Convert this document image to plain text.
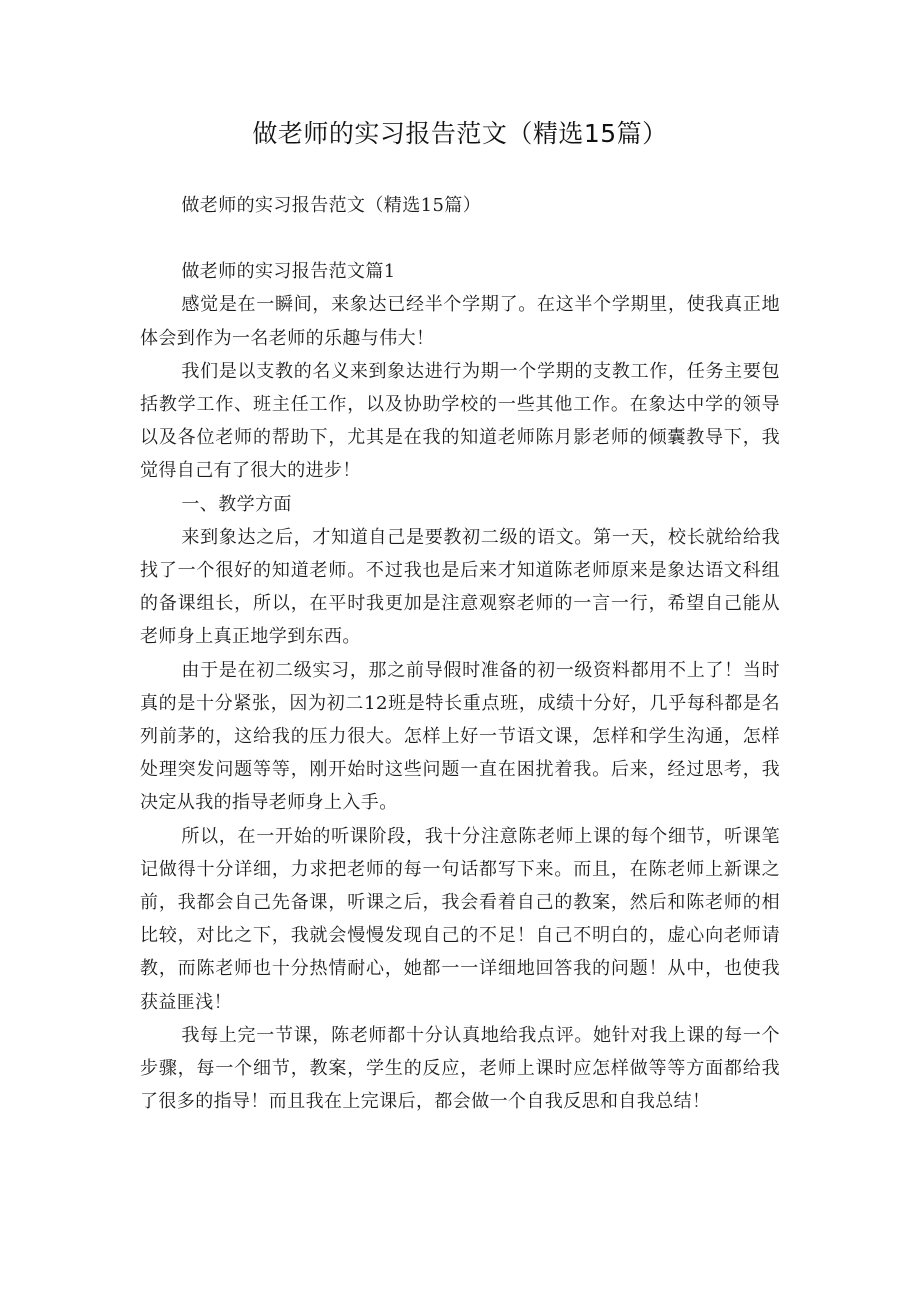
做老师的实习报告范文（精选15篇）

做老师的实习报告范文（精选15篇）

做老师的实习报告范文篇1

感觉是在一瞬间，来象达已经半个学期了。在这半个学期里，使我真正地体会到作为一名老师的乐趣与伟大！

我们是以支教的名义来到象达进行为期一个学期的支教工作，任务主要包括教学工作、班主任工作，以及协助学校的一些其他工作。在象达中学的领导以及各位老师的帮助下，尤其是在我的知道老师陈月影老师的倾囊教导下，我觉得自己有了很大的进步！

一、教学方面

来到象达之后，才知道自己是要教初二级的语文。第一天，校长就给给我找了一个很好的知道老师。不过我也是后来才知道陈老师原来是象达语文科组的备课组长，所以，在平时我更加是注意观察老师的一言一行，希望自己能从老师身上真正地学到东西。

由于是在初二级实习，那之前导假时准备的初一级资料都用不上了！当时真的是十分紧张，因为初二12班是特长重点班，成绩十分好，几乎每科都是名列前茅的，这给我的压力很大。怎样上好一节语文课，怎样和学生沟通，怎样处理突发问题等等，刚开始时这些问题一直在困扰着我。后来，经过思考，我决定从我的指导老师身上入手。

所以，在一开始的听课阶段，我十分注意陈老师上课的每个细节，听课笔记做得十分详细，力求把老师的每一句话都写下来。而且，在陈老师上新课之前，我都会自己先备课，听课之后，我会看着自己的教案，然后和陈老师的相比较，对比之下，我就会慢慢发现自己的不足！自己不明白的，虚心向老师请教，而陈老师也十分热情耐心，她都一一详细地回答我的问题！从中，也使我获益匪浅！

我每上完一节课，陈老师都十分认真地给我点评。她针对我上课的每一个步骤，每一个细节，教案，学生的反应，老师上课时应怎样做等等方面都给我了很多的指导！而且我在上完课后，都会做一个自我反思和自我总结！
